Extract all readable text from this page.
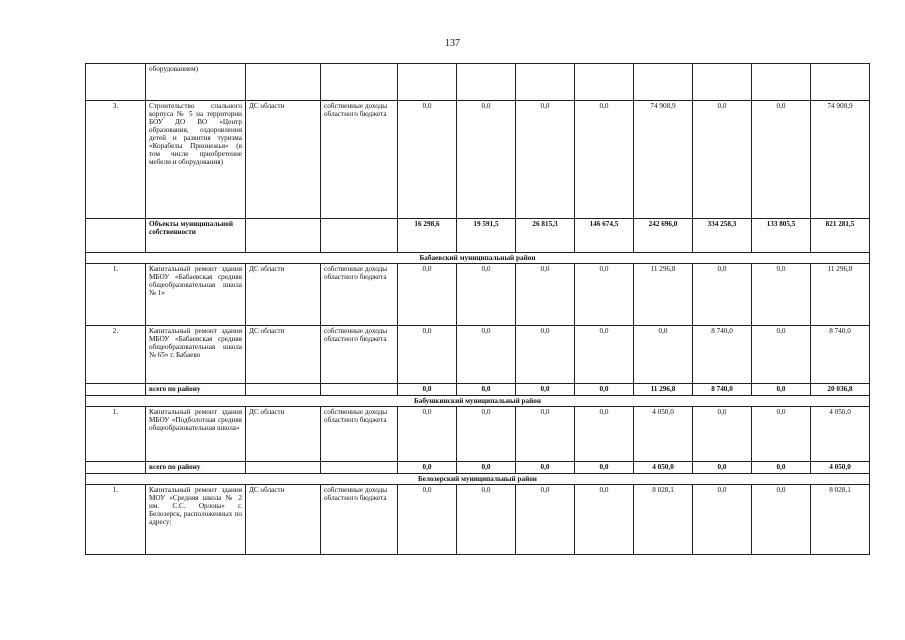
137
	оборудованием)										
3.	Строительство спального корпуса № 5 на территории БОУ ДО ВО «Центр образования, оздоровления детей и развития туризма «Корабелы Прионежья» (в том числе приобретение мебели и оборудования)	ДС области	собственные доходы областного бюджета	0,0	0,0	0,0	0,0	74 908,9	0,0	0,0	74 908,9
	Объекты муниципальной собственности			16 298,6	19 591,5	26 815,3	146 674,5	242 696,0	334 258,3	133 805,5	821 281,5
Бабаевский муниципальный район											
1.	Капитальный ремонт здания МБОУ «Бабаевская средняя общеобразовательная школа № 1»	ДС области	собственные доходы областного бюджета	0,0	0,0	0,0	0,0	11 296,8	0,0	0,0	11 296,8
2.	Капитальный ремонт здания МБОУ «Бабаевская средняя общеобразовательная школа № 65» г. Бабаево	ДС области	собственные доходы областного бюджета	0,0	0,0	0,0	0,0	0,0	8 740,0	0,0	8 740,0
	всего по району			0,0	0,0	0,0	0,0	11 296,8	8 740,0	0,0	20 036,8
Бабушкинский муниципальный район											
1.	Капитальный ремонт здания МБОУ «Подболотная средняя общеобразовательная школа»	ДС области	собственные доходы областного бюджета	0,0	0,0	0,0	0,0	4 050,0	0,0	0,0	4 050,0
	всего по району			0,0	0,0	0,0	0,0	4 050,0	0,0	0,0	4 050,0
Белозерский муниципальный район											
1.	Капитальный ремонт здания МОУ «Средняя школа № 2 им. С.С. Орлова» г. Белозерск, расположенных по адресу:	ДС области	собственные доходы областного бюджета	0,0	0,0	0,0	0,0	8 028,1	0,0	0,0	8 028,1
